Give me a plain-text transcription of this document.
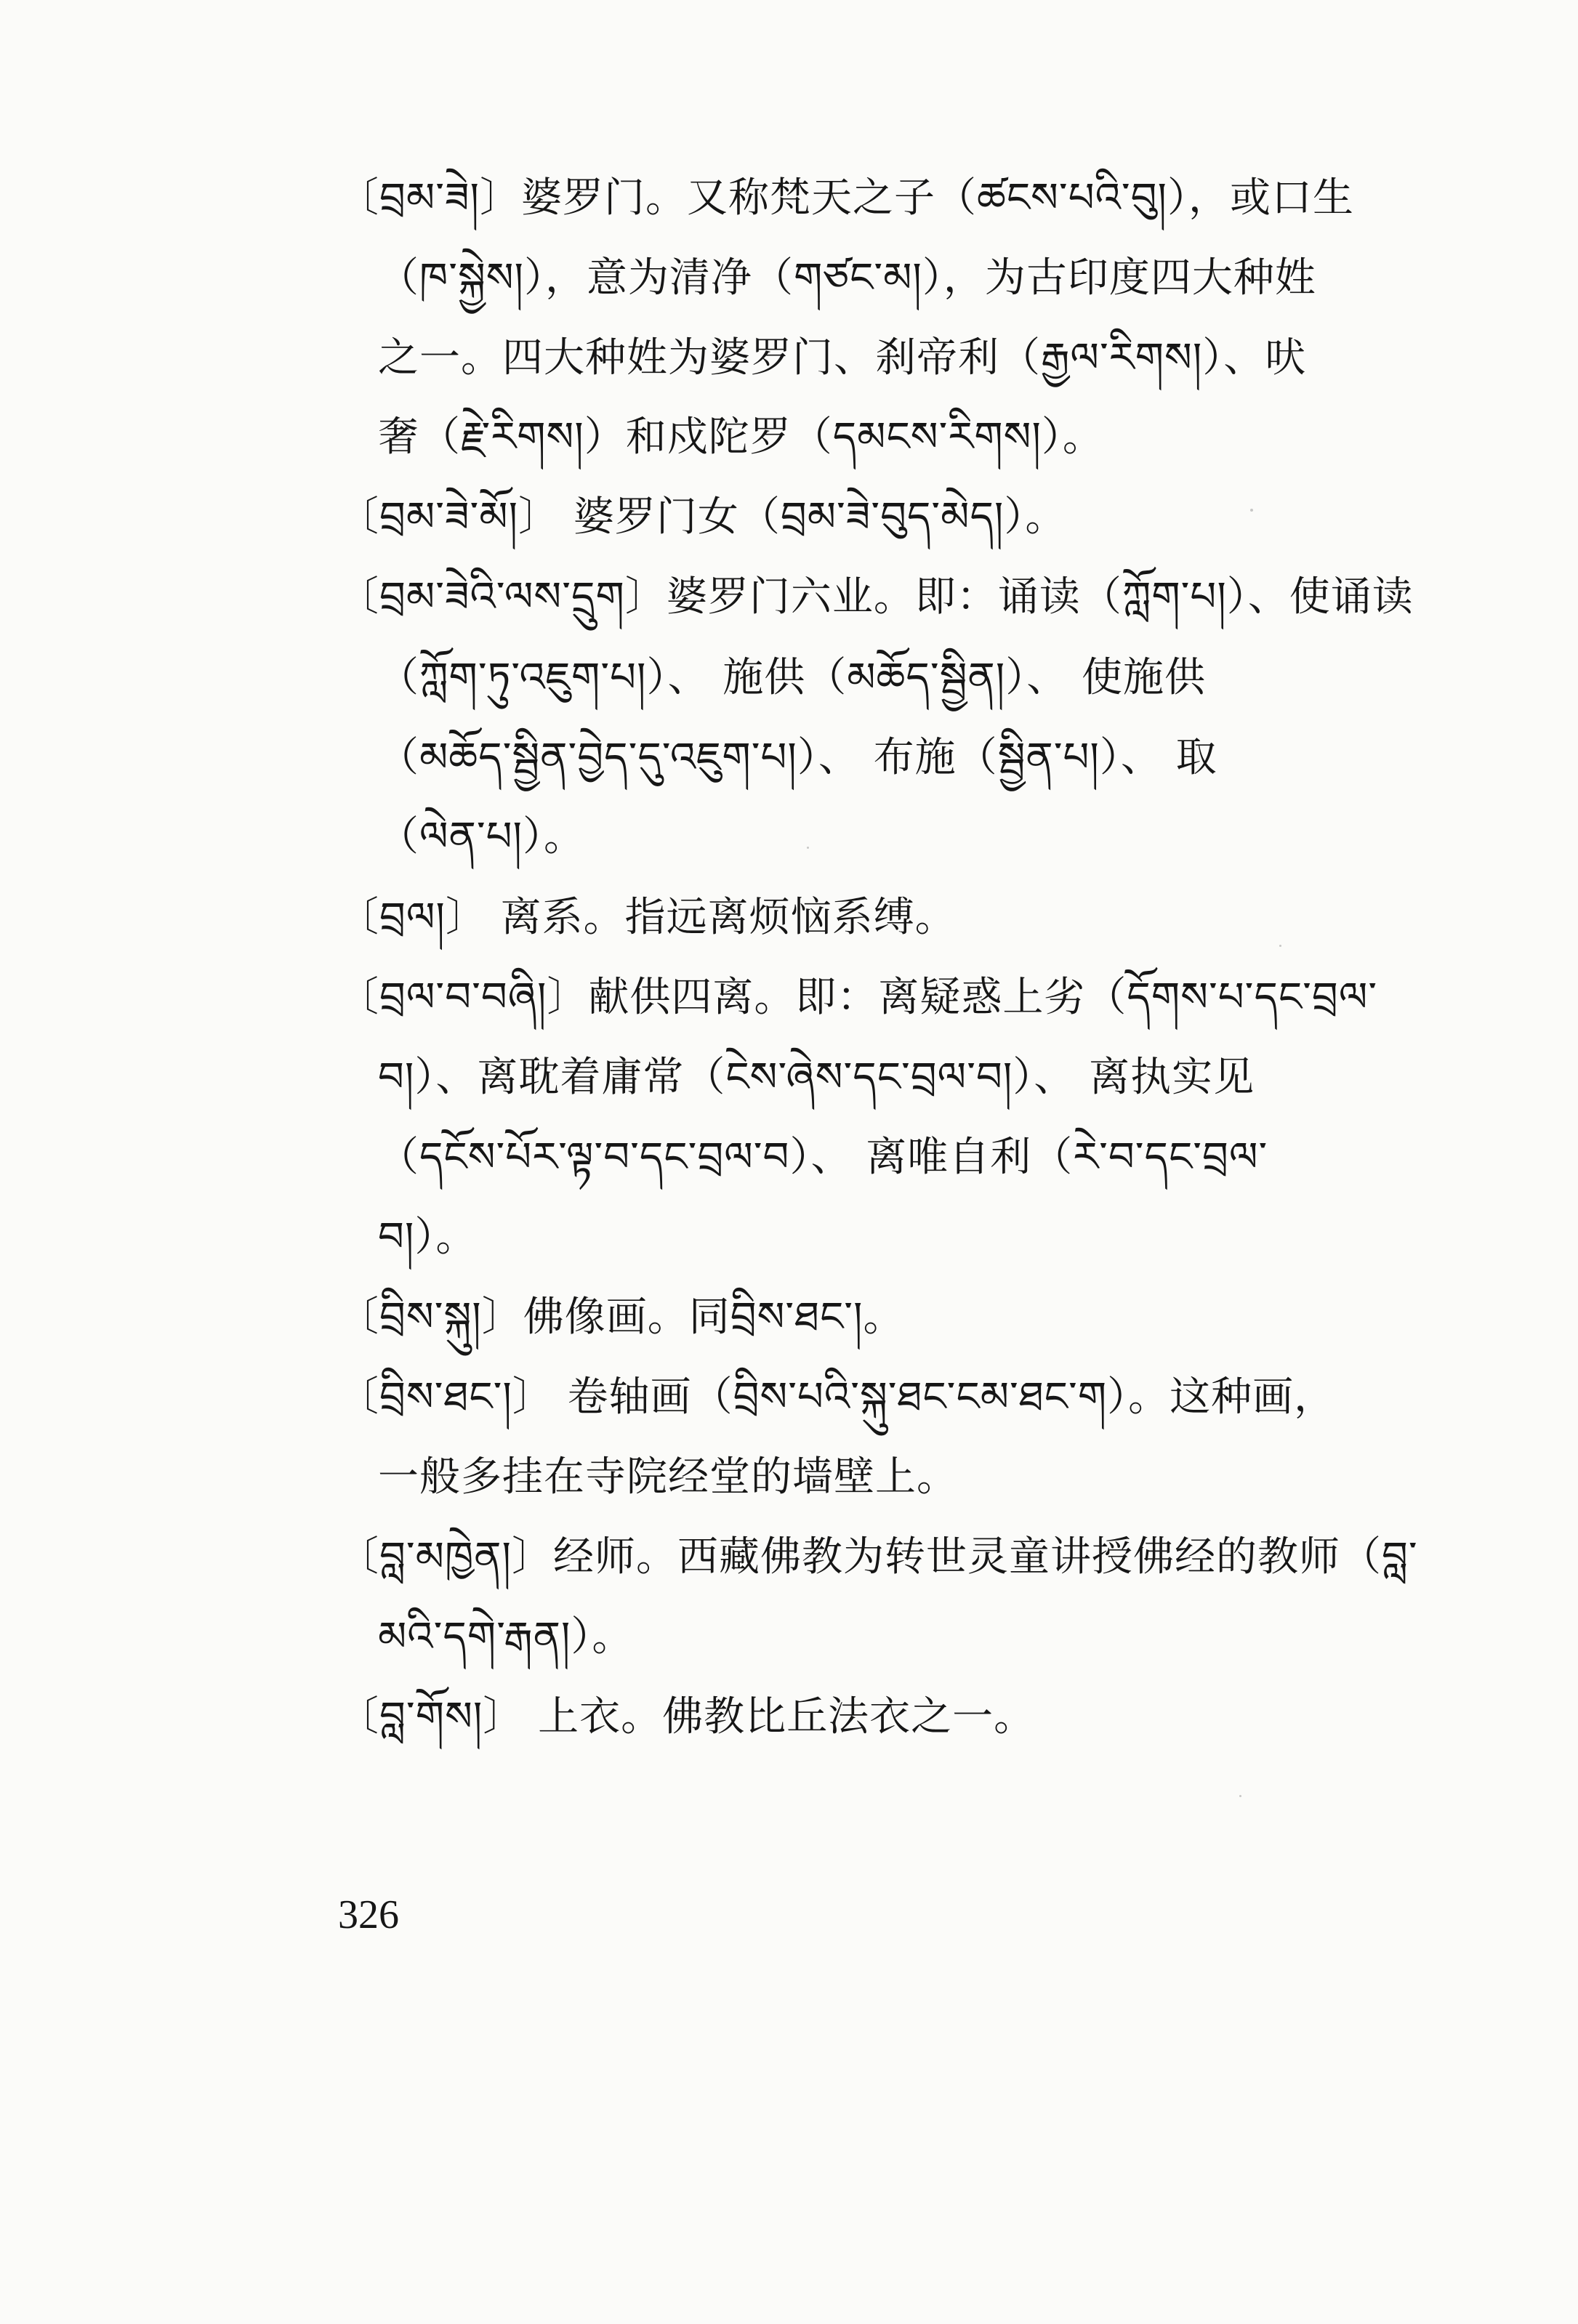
〔བྲམ་ཟེ།〕婆罗门。又称梵天之子（ཚངས་པའི་བུ།），或口生
（ཁ་སྐྱེས།），意为清净（གཙང་མ།），为古印度四大种姓
之一。四大种姓为婆罗门、刹帝利（རྒྱལ་རིགས།）、吠
奢（རྗེ་རིགས།）和戍陀罗（དམངས་རིགས།）。
〔བྲམ་ཟེ་མོ།〕 婆罗门女（བྲམ་ཟེ་བུད་མེད།）。
〔བྲམ་ཟེའི་ལས་དྲུག〕婆罗门六业。即：诵读（ཀློག་པ།）、使诵读
（ཀློག་ཏུ་འཇུག་པ།）、 施供（མཆོད་སྦྱིན།）、 使施供
（མཆོད་སྦྱིན་བྱེད་དུ་འཇུག་པ།）、 布施（སྦྱིན་པ།）、 取
（ལེན་པ།）。
〔བྲལ།〕 离系。指远离烦恼系缚。
〔བྲལ་བ་བཞི།〕献供四离。即：离疑惑上劣（དོགས་པ་དང་བྲལ་
བ།）、离耽着庸常（ངེས་ཞེས་དང་བྲལ་བ།）、 离执实见
（དངོས་པོར་ལྟ་བ་དང་བྲལ་བ）、 离唯自利（རེ་བ་དང་བྲལ་
བ།）。
〔བྲིས་སྐུ།〕佛像画。同བྲིས་ཐང་།。
〔བྲིས་ཐང་།〕 卷轴画（བྲིས་པའི་སྐུ་ཐང་ངམ་ཐང་ག）。这种画，
一般多挂在寺院经堂的墙壁上。
〔བླ་མཁྱེན།〕经师。西藏佛教为转世灵童讲授佛经的教师（བླ་
མའི་དགེ་རྒན།）。
〔བླ་གོས།〕 上衣。佛教比丘法衣之一。
326
